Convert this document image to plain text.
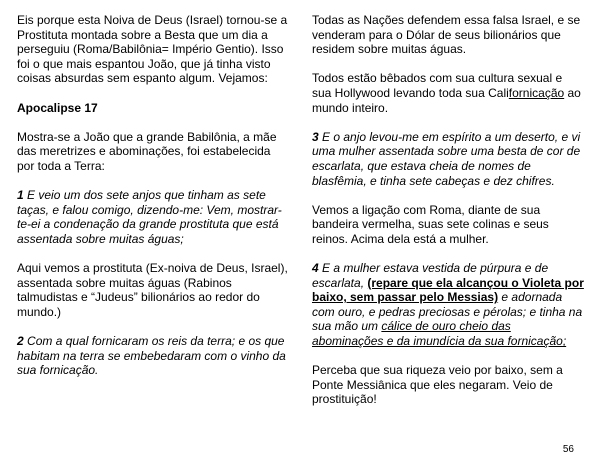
Eis porque esta Noiva de Deus (Israel) tornou-se a Prostituta montada sobre a Besta que um dia a perseguiu (Roma/Babilônia= Império Gentio). Isso foi o que mais espantou João, que já tinha visto coisas absurdas sem espanto algum. Vejamos:

Apocalipse 17

Mostra-se a João que a grande Babilônia, a mãe das meretrizes e abominações, foi estabelecida por toda a Terra:

1 E veio um dos sete anjos que tinham as sete taças, e falou comigo, dizendo-me: Vem, mostrar-te-ei a condenação da grande prostituta que está assentada sobre muitas águas;

Aqui vemos a prostituta (Ex-noiva de Deus, Israel), assentada sobre muitas águas (Rabinos talmudistas e “Judeus” bilionários ao redor do mundo.)

2 Com a qual fornicaram os reis da terra; e os que habitam na terra se embebedaram com o vinho da sua fornicação.

Todas as Nações defendem essa falsa Israel, e se venderam para o Dólar de seus bilionários que residem sobre muitas águas.

Todos estão bêbados com sua cultura sexual e sua Hollywood levando toda sua Californicação ao mundo inteiro.

3 E o anjo levou-me em espírito a um deserto, e vi uma mulher assentada sobre uma besta de cor de escarlata, que estava cheia de nomes de blasfêmia, e tinha sete cabeças e dez chifres.

Vemos a ligação com Roma, diante de sua bandeira vermelha, suas sete colinas e seus reinos. Acima dela está a mulher.

4 E a mulher estava vestida de púrpura e de escarlata, (repare que ela alcançou o Violeta por baixo, sem passar pelo Messias) e adornada com ouro, e pedras preciosas e pérolas; e tinha na sua mão um cálice de ouro cheio das abominações e da imundícia da sua fornicação;

Perceba que sua riqueza veio por baixo, sem a Ponte Messiânica que eles negaram. Veio de prostituição!

56
